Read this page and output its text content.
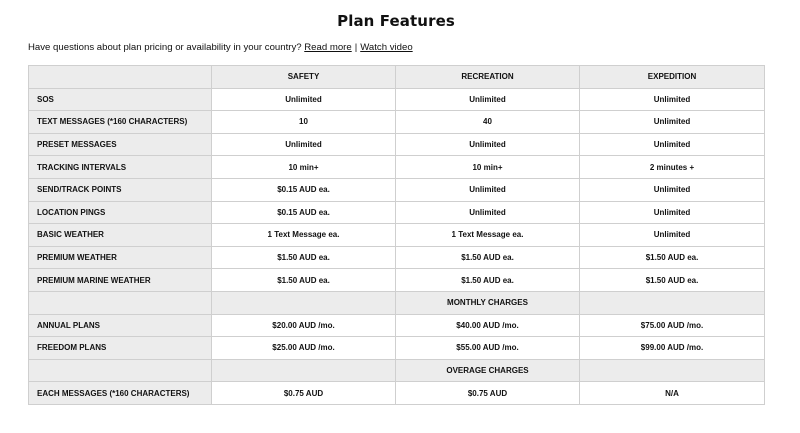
Plan Features
Have questions about plan pricing or availability in your country? Read more | Watch video
	SAFETY	RECREATION	EXPEDITION
SOS	Unlimited	Unlimited	Unlimited
TEXT MESSAGES (*160 CHARACTERS)	10	40	Unlimited
PRESET MESSAGES	Unlimited	Unlimited	Unlimited
TRACKING INTERVALS	10 min+	10 min+	2 minutes +
SEND/TRACK POINTS	$0.15 AUD ea.	Unlimited	Unlimited
LOCATION PINGS	$0.15 AUD ea.	Unlimited	Unlimited
BASIC WEATHER	1 Text Message ea.	1 Text Message ea.	Unlimited
PREMIUM WEATHER	$1.50 AUD ea.	$1.50 AUD ea.	$1.50 AUD ea.
PREMIUM MARINE WEATHER	$1.50 AUD ea.	$1.50 AUD ea.	$1.50 AUD ea.
		MONTHLY CHARGES	
ANNUAL PLANS	$20.00 AUD /mo.	$40.00 AUD /mo.	$75.00 AUD /mo.
FREEDOM PLANS	$25.00 AUD /mo.	$55.00 AUD /mo.	$99.00 AUD /mo.
		OVERAGE CHARGES	
EACH MESSAGES (*160 CHARACTERS)	$0.75 AUD	$0.75 AUD	N/A
